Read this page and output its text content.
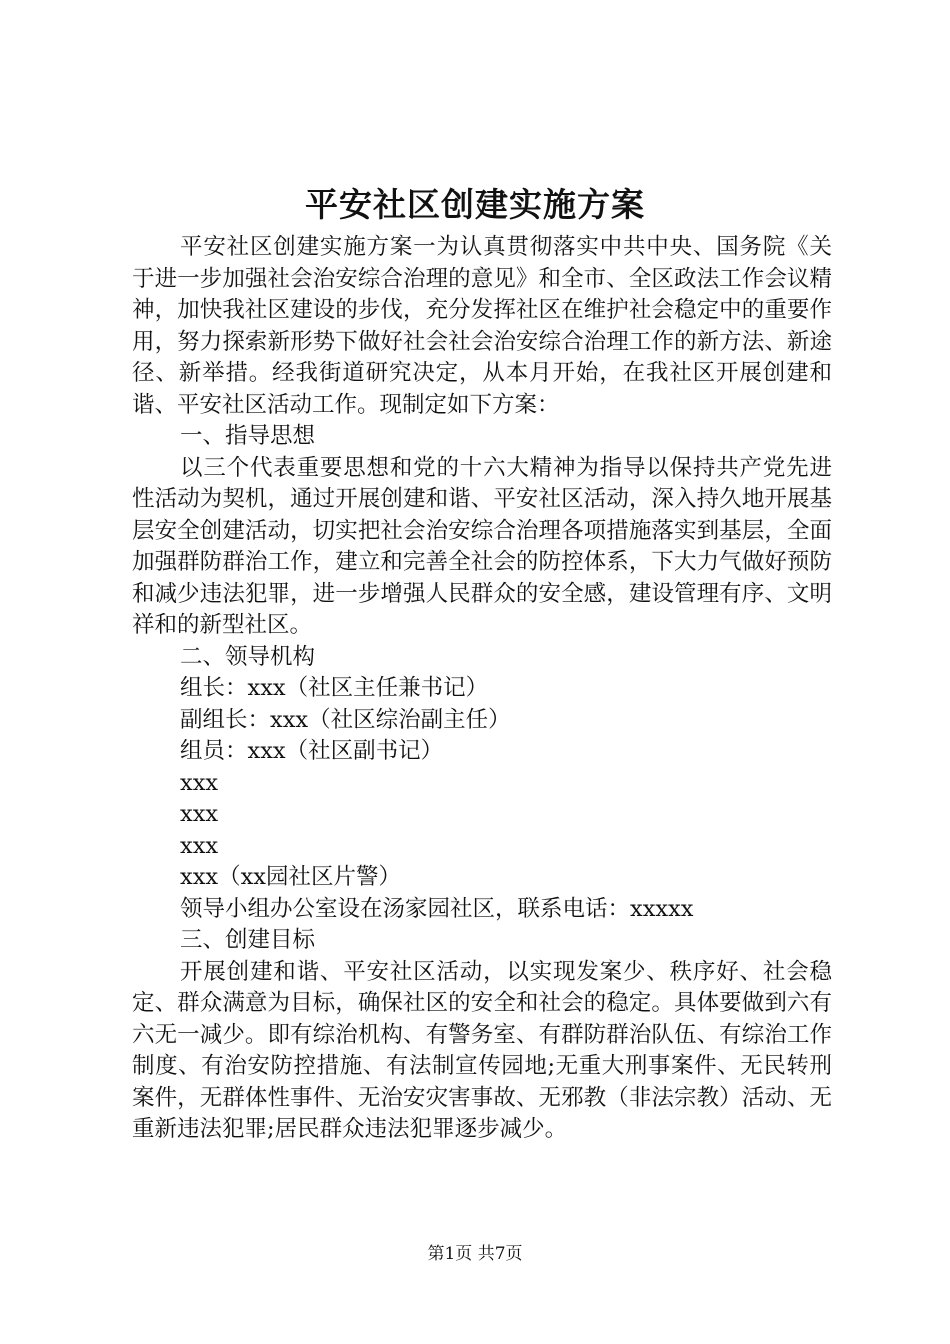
平安社区创建实施方案

平安社区创建实施方案一为认真贯彻落实中共中央、国务院《关于进一步加强社会治安综合治理的意见》和全市、全区政法工作会议精神，加快我社区建设的步伐，充分发挥社区在维护社会稳定中的重要作用，努力探索新形势下做好社会社会治安综合治理工作的新方法、新途径、新举措。经我街道研究决定，从本月开始，在我社区开展创建和谐、平安社区活动工作。现制定如下方案：

一、指导思想

以三个代表重要思想和党的十六大精神为指导以保持共产党先进性活动为契机，通过开展创建和谐、平安社区活动，深入持久地开展基层安全创建活动，切实把社会治安综合治理各项措施落实到基层，全面加强群防群治工作，建立和完善全社会的防控体系，下大力气做好预防和减少违法犯罪，进一步增强人民群众的安全感，建设管理有序、文明祥和的新型社区。

二、领导机构

组长：xxx（社区主任兼书记）

副组长：xxx（社区综治副主任）

组员：xxx（社区副书记）

xxx

xxx

xxx

xxx（xx园社区片警）

领导小组办公室设在汤家园社区，联系电话：xxxxx

三、创建目标

开展创建和谐、平安社区活动，以实现发案少、秩序好、社会稳定、群众满意为目标，确保社区的安全和社会的稳定。具体要做到六有六无一减少。即有综治机构、有警务室、有群防群治队伍、有综治工作制度、有治安防控措施、有法制宣传园地;无重大刑事案件、无民转刑案件，无群体性事件、无治安灾害事故、无邪教（非法宗教）活动、无重新违法犯罪;居民群众违法犯罪逐步减少。

第1页 共7页
